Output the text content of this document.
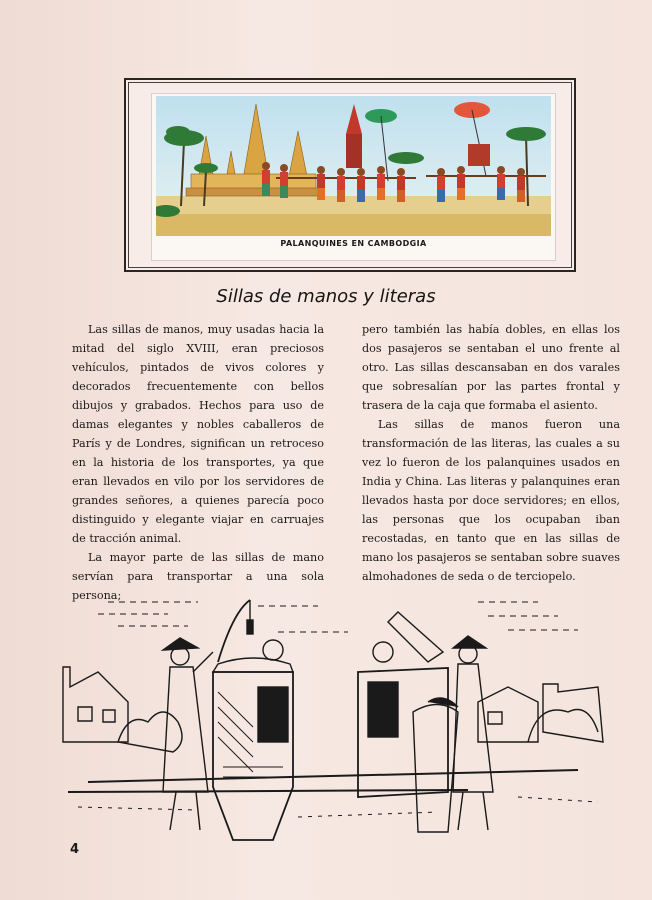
PALANQUINES EN CAMBODGIA
Sillas de manos y literas

Las sillas de manos, muy usadas hacia la mitad del siglo XVIII, eran preciosos vehículos, pintados de vivos colores y decorados frecuentemente con bellos dibujos y grabados. Hechos para uso de damas elegantes y nobles caballeros de París y de Londres, significan un retroceso en la historia de los transportes, ya que eran llevados en vilo por los servidores de grandes señores, a quienes parecía poco distinguido y elegante viajar en carruajes de tracción animal.

La mayor parte de las sillas de mano servían para transportar a una sola persona;

pero también las había dobles, en ellas los dos pasajeros se sentaban el uno frente al otro. Las sillas descansaban en dos varales que sobresalían por las partes frontal y trasera de la caja que formaba el asiento.

Las sillas de manos fueron una transformación de las literas, las cuales a su vez lo fueron de los palanquines usados en India y China. Las literas y palanquines eran llevados hasta por doce servidores; en ellos, las personas que los ocupaban iban recostadas, en tanto que en las sillas de mano los pasajeros se sentaban sobre suaves almohadones de seda o de terciopelo.

4
